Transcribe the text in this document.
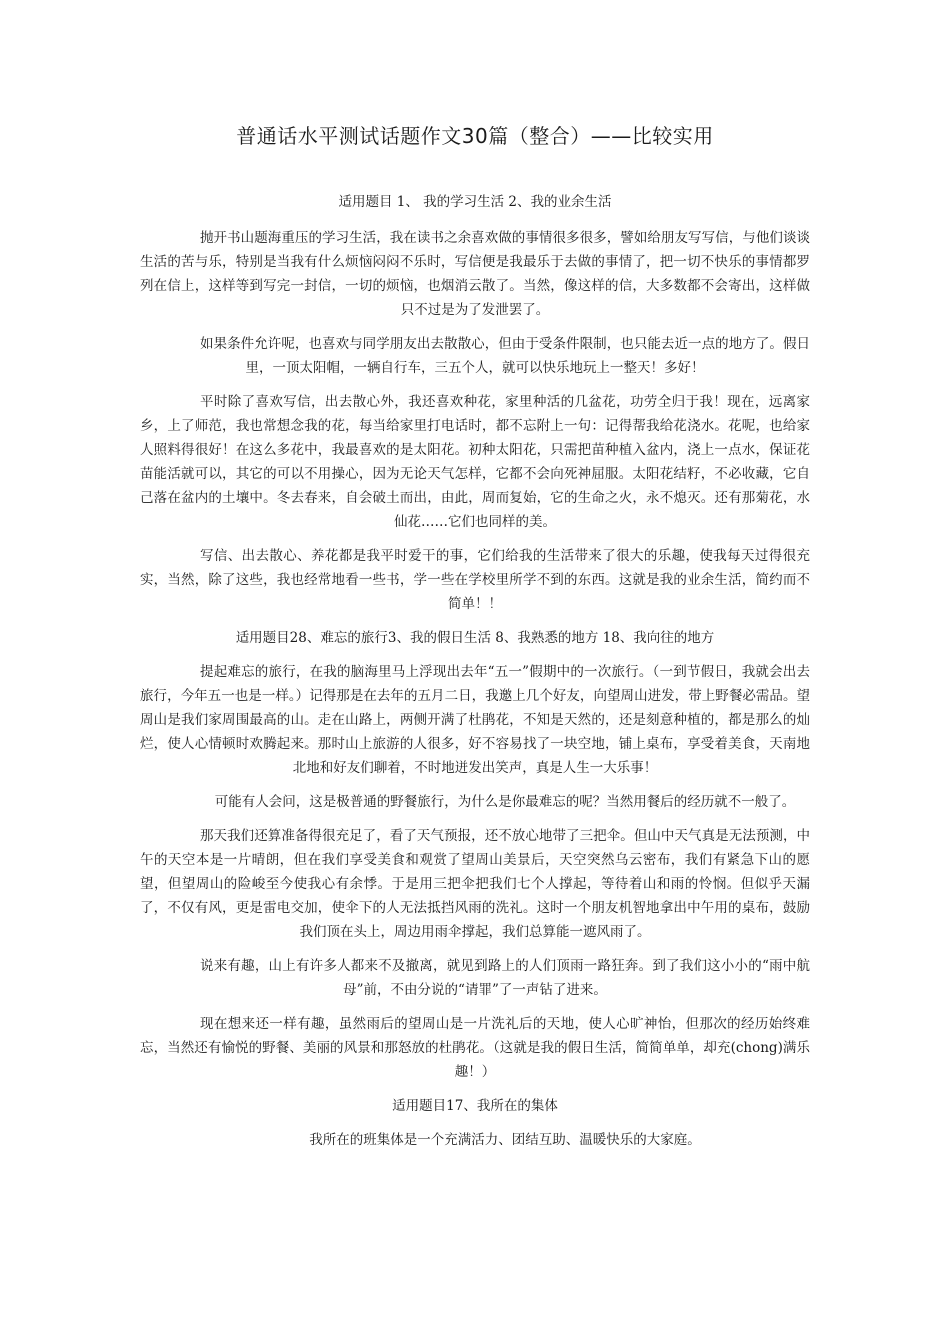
普通话水平测试话题作文30篇（整合）——比较实用

适用题目 1、 我的学习生活 2、我的业余生活

抛开书山题海重压的学习生活，我在读书之余喜欢做的事情很多很多，譬如给朋友写写信，与他们谈谈生活的苦与乐，特别是当我有什么烦恼闷闷不乐时，写信便是我最乐于去做的事情了，把一切不快乐的事情都罗列在信上，这样等到写完一封信，一切的烦恼，也烟消云散了。当然，像这样的信，大多数都不会寄出，这样做只不过是为了发泄罢了。

如果条件允许呢，也喜欢与同学朋友出去散散心，但由于受条件限制，也只能去近一点的地方了。假日里，一顶太阳帽，一辆自行车，三五个人，就可以快乐地玩上一整天！多好！

平时除了喜欢写信，出去散心外，我还喜欢种花，家里种活的几盆花，功劳全归于我！现在，远离家乡，上了师范，我也常想念我的花，每当给家里打电话时，都不忘附上一句：记得帮我给花浇水。花呢，也给家人照料得很好！在这么多花中，我最喜欢的是太阳花。初种太阳花，只需把苗种植入盆内，浇上一点水，保证花苗能活就可以，其它的可以不用操心，因为无论天气怎样，它都不会向死神屈服。太阳花结籽，不必收藏，它自己落在盆内的土壤中。冬去春来，自会破土而出，由此，周而复始，它的生命之火，永不熄灭。还有那菊花，水仙花……它们也同样的美。

写信、出去散心、养花都是我平时爱干的事，它们给我的生活带来了很大的乐趣，使我每天过得很充实，当然，除了这些，我也经常地看一些书，学一些在学校里所学不到的东西。这就是我的业余生活，简约而不简单！！

适用题目28、难忘的旅行3、我的假日生活 8、我熟悉的地方 18、我向往的地方

提起难忘的旅行，在我的脑海里马上浮现出去年“五一”假期中的一次旅行。（一到节假日，我就会出去旅行，今年五一也是一样。）记得那是在去年的五月二日，我邀上几个好友，向望周山进发，带上野餐必需品。望周山是我们家周围最高的山。走在山路上，两侧开满了杜鹃花，不知是天然的，还是刻意种植的，都是那么的灿烂，使人心情顿时欢腾起来。那时山上旅游的人很多，好不容易找了一块空地，铺上桌布，享受着美食，天南地北地和好友们聊着，不时地迸发出笑声，真是人生一大乐事！

可能有人会问，这是极普通的野餐旅行，为什么是你最难忘的呢？当然用餐后的经历就不一般了。

那天我们还算准备得很充足了，看了天气预报，还不放心地带了三把伞。但山中天气真是无法预测，中午的天空本是一片晴朗，但在我们享受美食和观赏了望周山美景后，天空突然乌云密布，我们有紧急下山的愿望，但望周山的险峻至今使我心有余悸。于是用三把伞把我们七个人撑起，等待着山和雨的怜悯。但似乎天漏了，不仅有风，更是雷电交加，使伞下的人无法抵挡风雨的洗礼。这时一个朋友机智地拿出中午用的桌布，鼓励我们顶在头上，周边用雨伞撑起，我们总算能一遮风雨了。

说来有趣，山上有许多人都来不及撤离，就见到路上的人们顶雨一路狂奔。到了我们这小小的“雨中航母”前，不由分说的“请罪”了一声钻了进来。

现在想来还一样有趣，虽然雨后的望周山是一片洗礼后的天地，使人心旷神怡，但那次的经历始终难忘，当然还有愉悦的野餐、美丽的风景和那怒放的杜鹃花。（这就是我的假日生活，简简单单，却充(chong)满乐趣！）

适用题目17、我所在的集体

我所在的班集体是一个充满活力、团结互助、温暖快乐的大家庭。
